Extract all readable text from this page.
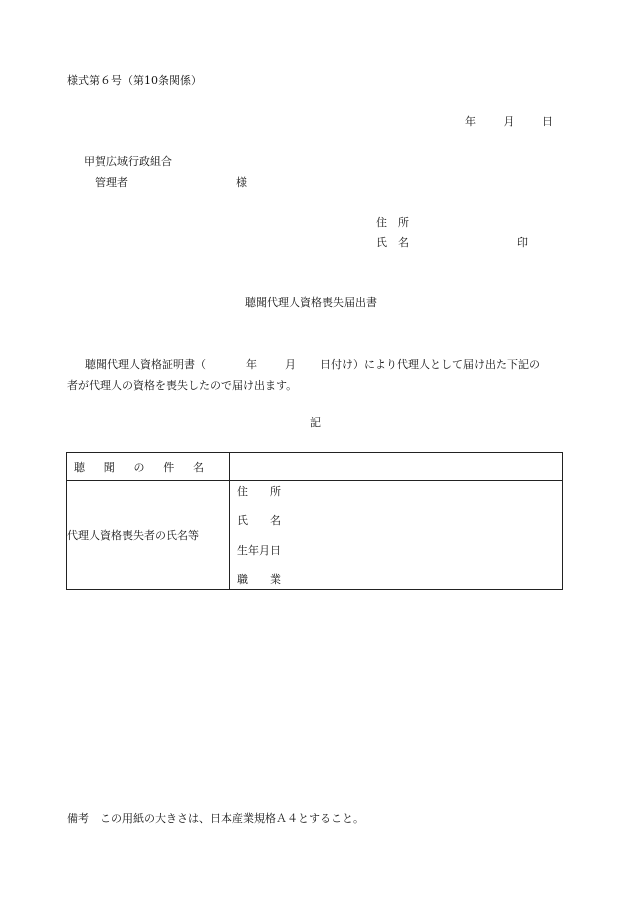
様式第６号（第10条関係）
年	月	日
甲賀広域行政組合
管理者	様
住　所
氏　名	印
聴聞代理人資格喪失届出書

聴聞代理人資格証明書（	年	月 日付け）により代理人として届け出た下記の

者が代理人の資格を喪失したので届け出ます。

記
聴 聞 の 件 名	

代理人資格喪失者の氏名等	住　　所
氏　　名
生年月日
職　　業
備考　この用紙の大きさは、日本産業規格Ａ４とすること。
